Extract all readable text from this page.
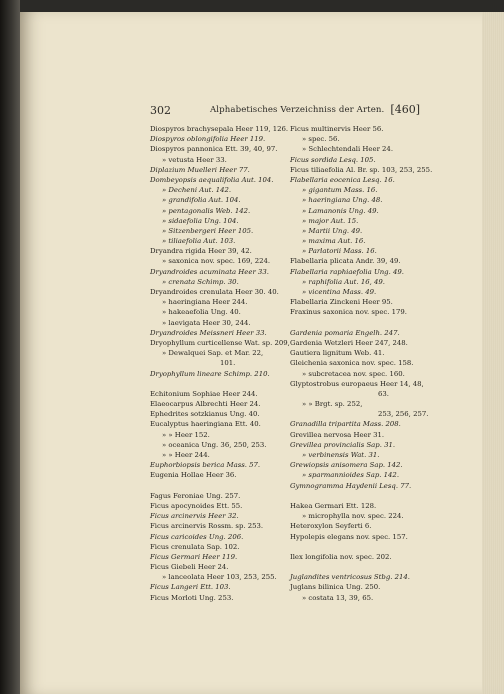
302	Alphabetisches Verzeichniss der Arten. [460]
Diospyros brachysepala Heer 119, 126.
Diospyros oblongifolia Heer 119.
Diospyros pannonica Ett. 39, 40, 97.
» vetusta Heer 33.
Diplazium Muelleri Heer 77.
Dombeyopsis aequalifolia Aut. 104.
» Decheni Aut. 142.
» grandifolia Aut. 104.
» pentagonalis Web. 142.
» sidaefolia Ung. 104.
» Sitzenbergeri Heer 105.
» tiliaefolia Aut. 103.
Dryandra rigida Heer 39, 42.
» saxonica nov. spec. 169, 224.
Dryandroides acuminata Heer 33.
» crenata Schimp. 30.
Dryandroides crenulata Heer 30. 40.
» haeringiana Heer 244.
» hakeaefolia Ung. 40.
» laevigata Heer 30, 244.
Dryandroides Meissneri Heer 33.
Dryophyllum curticellense Wat. sp. 209,
» Dewalquei Sap. et Mar. 22,
101.
Dryophyllum lineare Schimp. 210.
Echitonium Sophiae Heer 244.
Elaeocarpus Albrechti Heer 24.
Ephedrites sotzkianus Ung. 40.
Eucalyptus haeringiana Ett. 40.
» » Heer 152.
» oceanica Ung. 36, 250, 253.
» » Heer 244.
Euphorbiopsis berica Mass. 57.
Eugenia Hollae Heer 36.
Fagus Feroniae Ung. 257.
Ficus apocynoides Ett. 55.
Ficus arcinervis Heer 32.
Ficus arcinervis Rossm. sp. 253.
Ficus caricoides Ung. 206.
Ficus crenulata Sap. 102.
Ficus Germari Heer 119.
Ficus Giebeli Heer 24.
» lanceolata Heer 103, 253, 255.
Ficus Langeri Ett. 103.
Ficus Morloti Ung. 253.
Ficus multinervis Heer 56.
» spec. 56.
» Schlechtendali Heer 24.
Ficus sordida Lesq. 105.
Ficus tiliaefolia Al. Br. sp. 103, 253, 255.
Flabellaria eocenica Lesq. 16.
» gigantum Mass. 16.
» haeringiana Ung. 48.
» Lamanonis Ung. 49.
» major Aut. 15.
» Martii Ung. 49.
» maxima Aut. 16.
» Parlatorii Mass. 16.
Flabellaria plicata Andr. 39, 49.
Flabellaria raphiaefolia Ung. 49.
» raphifolia Aut. 16, 49.
» vicentina Mass. 49.
Flabellaria Zinckeni Heer 95.
Fraxinus saxonica nov. spec. 179.
Gardenia pomaria Engelh. 247.
Gardenia Wetzleri Heer 247, 248.
Gautiera lignitum Web. 41.
Gleichenia saxonica nov. spec. 158.
» subcretacea nov. spec. 160.
Glyptostrobus europaeus Heer 14, 48,
63.
» » Brgt. sp. 252,
253, 256, 257.
Granadilla tripartita Mass. 208.
Grevillea nervosa Heer 31.
Grevillea provincialis Sap. 31.
» verbinensis Wat. 31.
Grewiopsis anisomera Sap. 142.
» sparmannioides Sap. 142.
Gymnogramma Haydenii Lesq. 77.
Hakea Germari Ett. 128.
» microphylla nov. spec. 224.
Heteroxylon Seyferti 6.
Hypolepis elegans nov. spec. 157.
Ilex longifolia nov. spec. 202.
Juglandites ventricosus Stbg. 214.
Juglans bilinica Ung. 250.
» costata 13, 39, 65.
